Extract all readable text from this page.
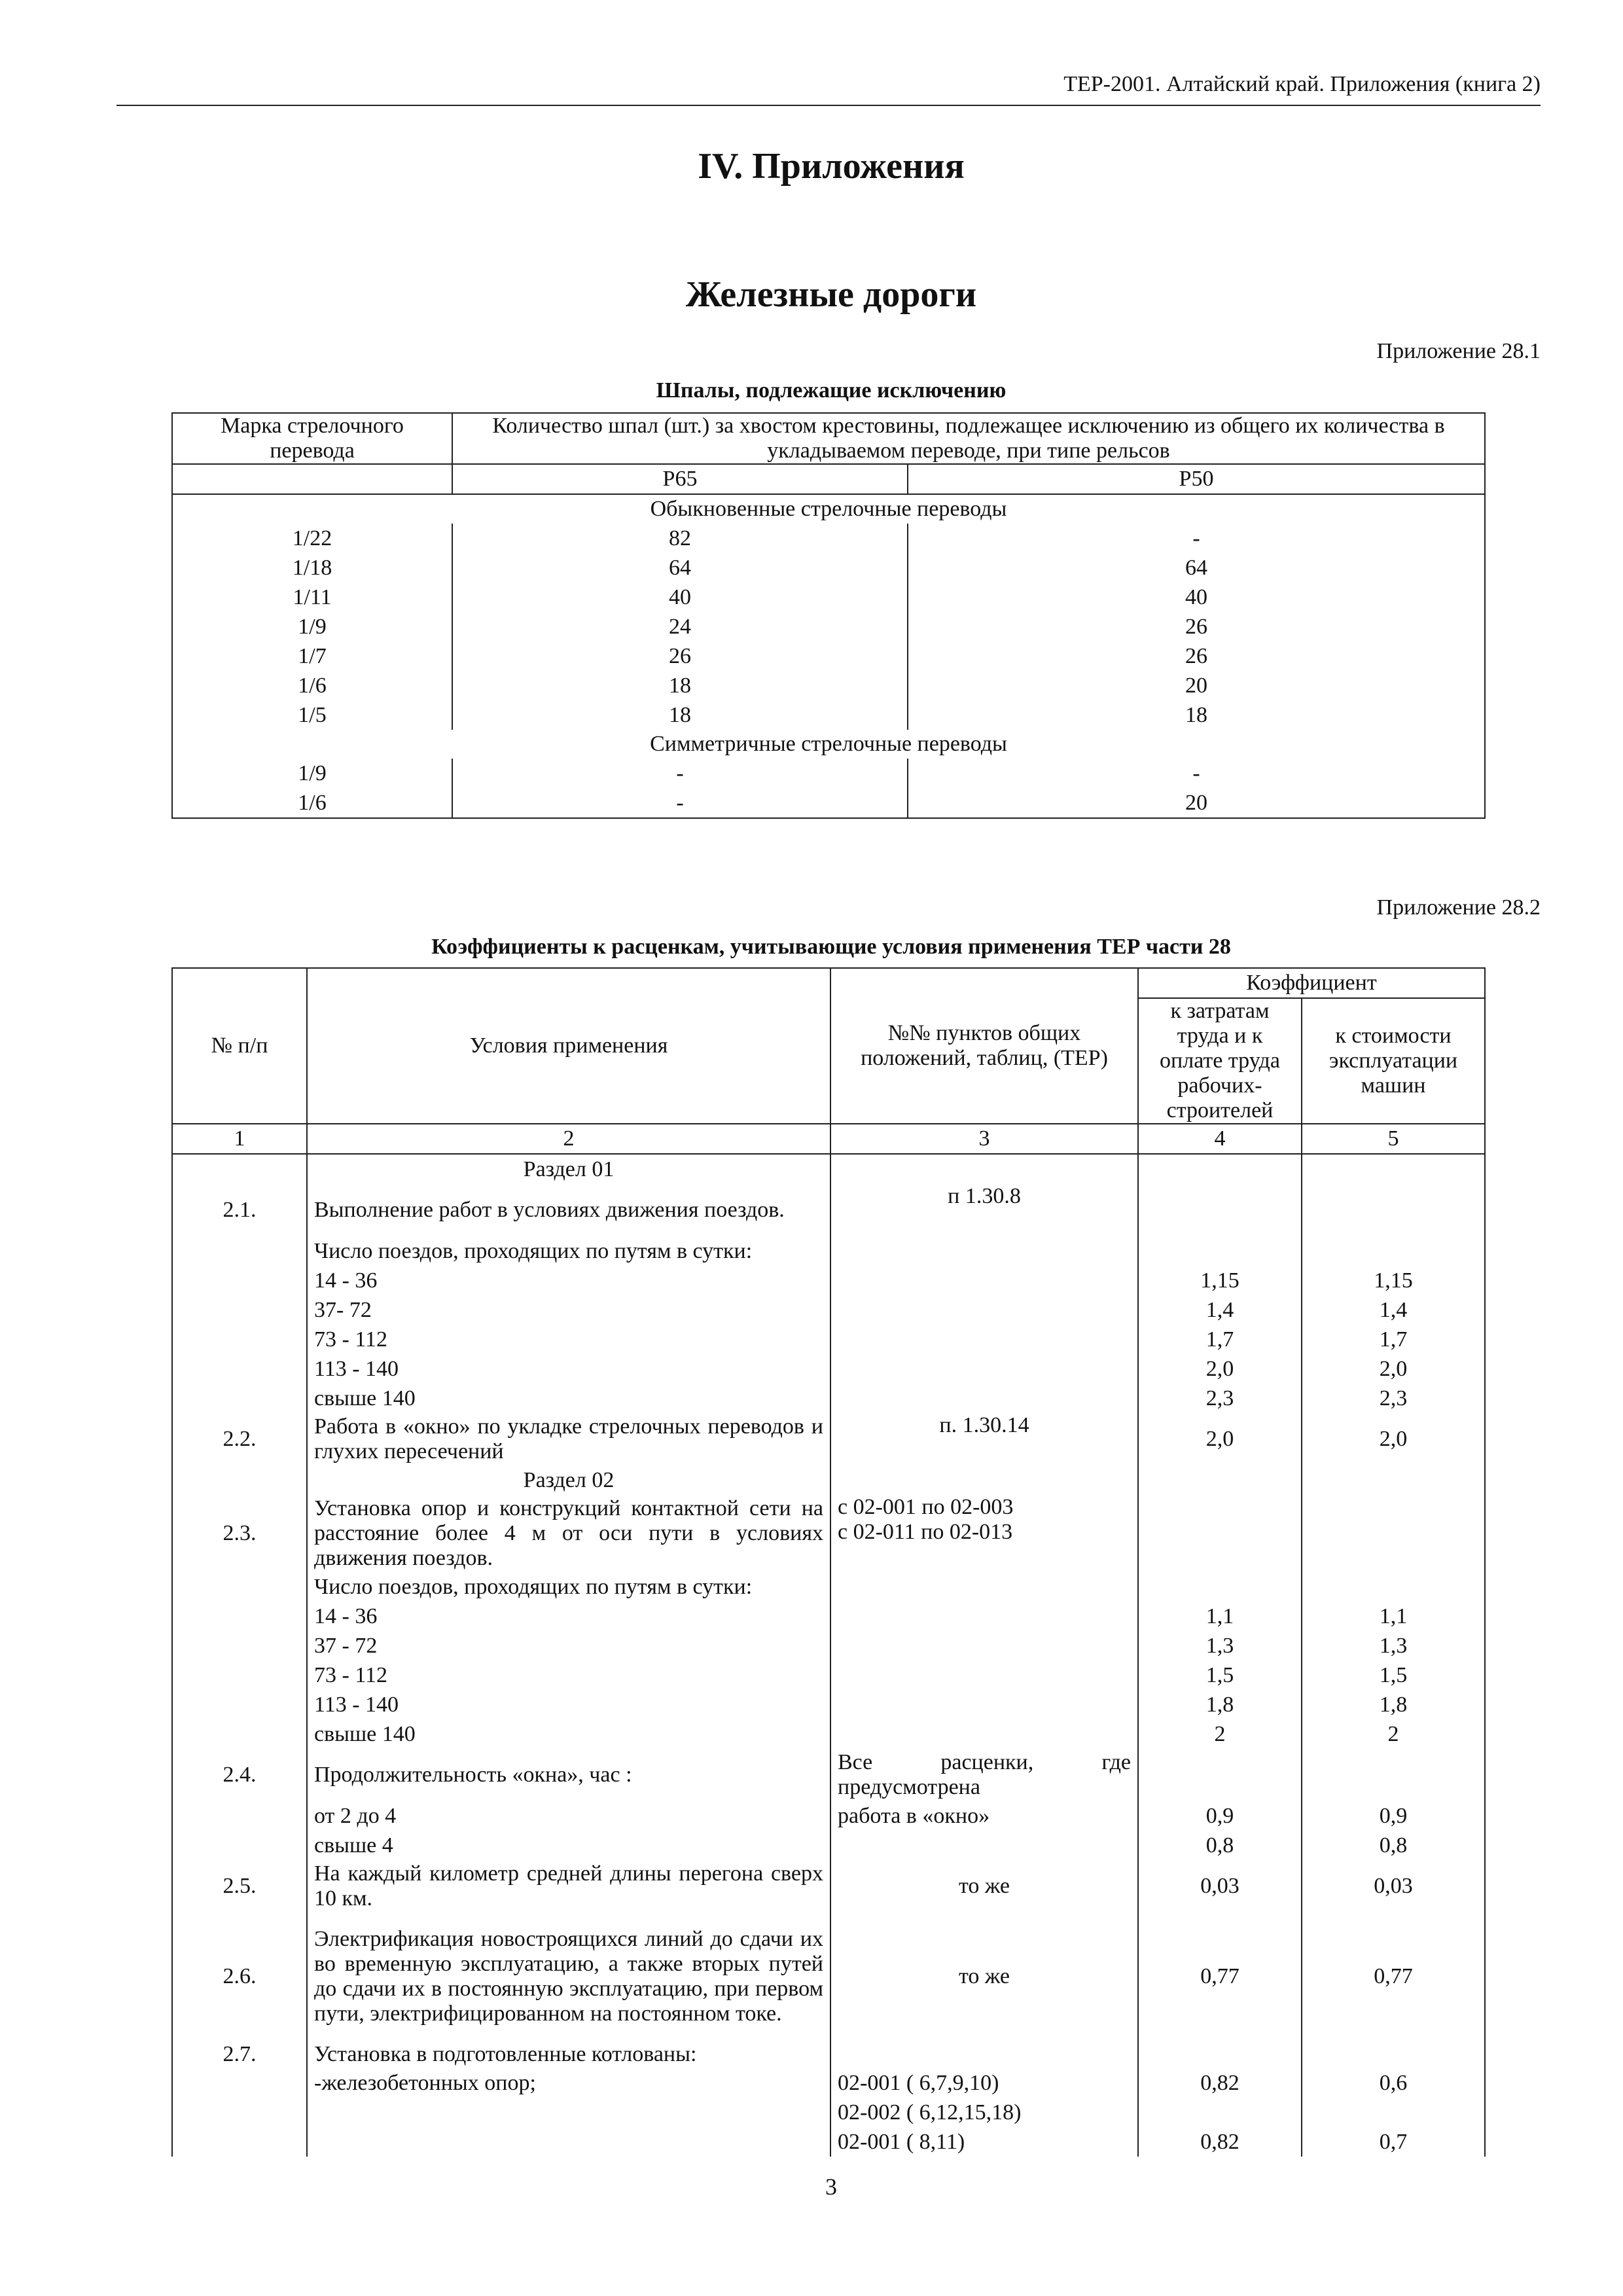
ТЕР-2001. Алтайский край. Приложения (книга 2)
IV. Приложения
Железные дороги
Приложение 28.1
Шпалы, подлежащие исключению
Марка стрелочного перевода	Количество шпал (шт.) за хвостом крестовины, подлежащее исключению из общего их количества в укладываемом переводе, при типе рельсов	
	Р65	Р50
Обыкновенные стрелочные переводы		
1/22	82	-
1/18	64	64
1/11	40	40
1/9	24	26
1/7	26	26
1/6	18	20
1/5	18	18
Симметричные стрелочные переводы		
1/9	-	-
1/6	-	20
Приложение 28.2
Коэффициенты к расценкам, учитывающие условия применения ТЕР части 28
№ п/п	Условия применения	№№ пунктов общих положений, таблиц, (ТЕР)	Коэффициент	
			к затратам труда и к оплате труда рабочих-строителей	к стоимости эксплуатации машин
1	2	3	4	5
	Раздел 01			
2.1.	Выполнение работ в условиях движения поездов.	п 1.30.8		
	Число поездов, проходящих по путям в сутки:			
	14 - 36		1,15	1,15
	37- 72		1,4	1,4
	73 - 112		1,7	1,7
	113 - 140		2,0	2,0
	свыше 140		2,3	2,3
2.2.	Работа в «окно» по укладке стрелочных переводов и глухих пересечений	п. 1.30.14	2,0	2,0
	Раздел 02			
2.3.	Установка опор и конструкций контактной сети на расстояние более 4 м от оси пути в условиях движения поездов.	с 02-001 по 02-003
с 02-011 по 02-013		

	Число поездов, проходящих по путям в сутки:			
	14 - 36		1,1	1,1
	37 - 72		1,3	1,3
	73 - 112		1,5	1,5
	113 - 140		1,8	1,8
	свыше 140		2	2
2.4.	Продолжительность «окна», час :	Все расценки, где предусмотрена		
	от 2 до 4	работа в «окно»	0,9	0,9
	свыше 4		0,8	0,8
2.5.	На каждый километр средней длины перегона сверх 10 км.	то же	0,03	0,03
2.6.	Электрификация новостроящихся линий до сдачи их во временную эксплуатацию, а также вторых путей до сдачи их в постоянную эксплуатацию, при первом пути, электрифицированном на постоянном токе.	то же	0,77	0,77
2.7.	Установка в подготовленные котлованы:			
	-железобетонных опор;	02-001 ( 6,7,9,10)	0,82	0,6
		02-002 ( 6,12,15,18)		
		02-001 ( 8,11)	0,82	0,7
3
